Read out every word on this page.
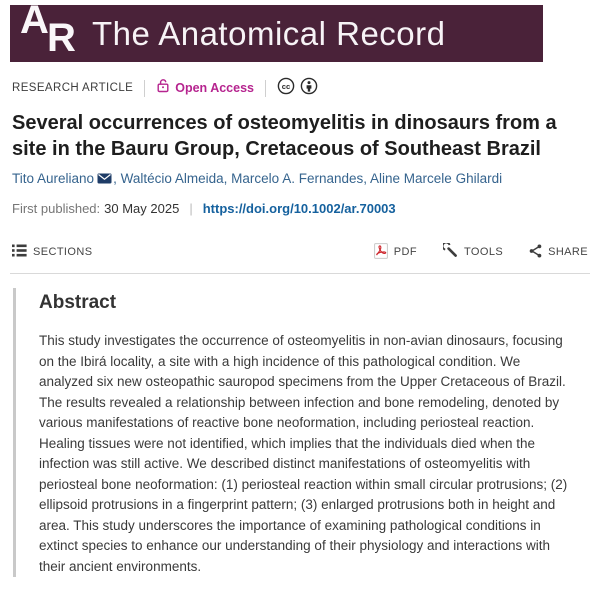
A
R The Anatomical Record
RESEARCH ARTICLE	Open Access	cc
Several occurrences of osteomyelitis in dinosaurs from a site in the Bauru Group, Cretaceous of Southeast Brazil
Tito Aureliano , Waltécio Almeida, Marcelo A. Fernandes, Aline Marcele Ghilardi
First published: 30 May 2025 | https://doi.org/10.1002/ar.70003
SECTIONS	PDF	TOOLS	SHARE
Abstract

This study investigates the occurrence of osteomyelitis in non-avian dinosaurs, focusing on the Ibirá locality, a site with a high incidence of this pathological condition. We analyzed six new osteopathic sauropod specimens from the Upper Cretaceous of Brazil. The results revealed a relationship between infection and bone remodeling, denoted by various manifestations of reactive bone neoformation, including periosteal reaction. Healing tissues were not identified, which implies that the individuals died when the infection was still active. We described distinct manifestations of osteomyelitis with periosteal bone neoformation: (1) periosteal reaction within small circular protrusions; (2) ellipsoid protrusions in a fingerprint pattern; (3) enlarged protrusions both in height and area. This study underscores the importance of examining pathological conditions in extinct species to enhance our understanding of their physiology and interactions with their ancient environments.
